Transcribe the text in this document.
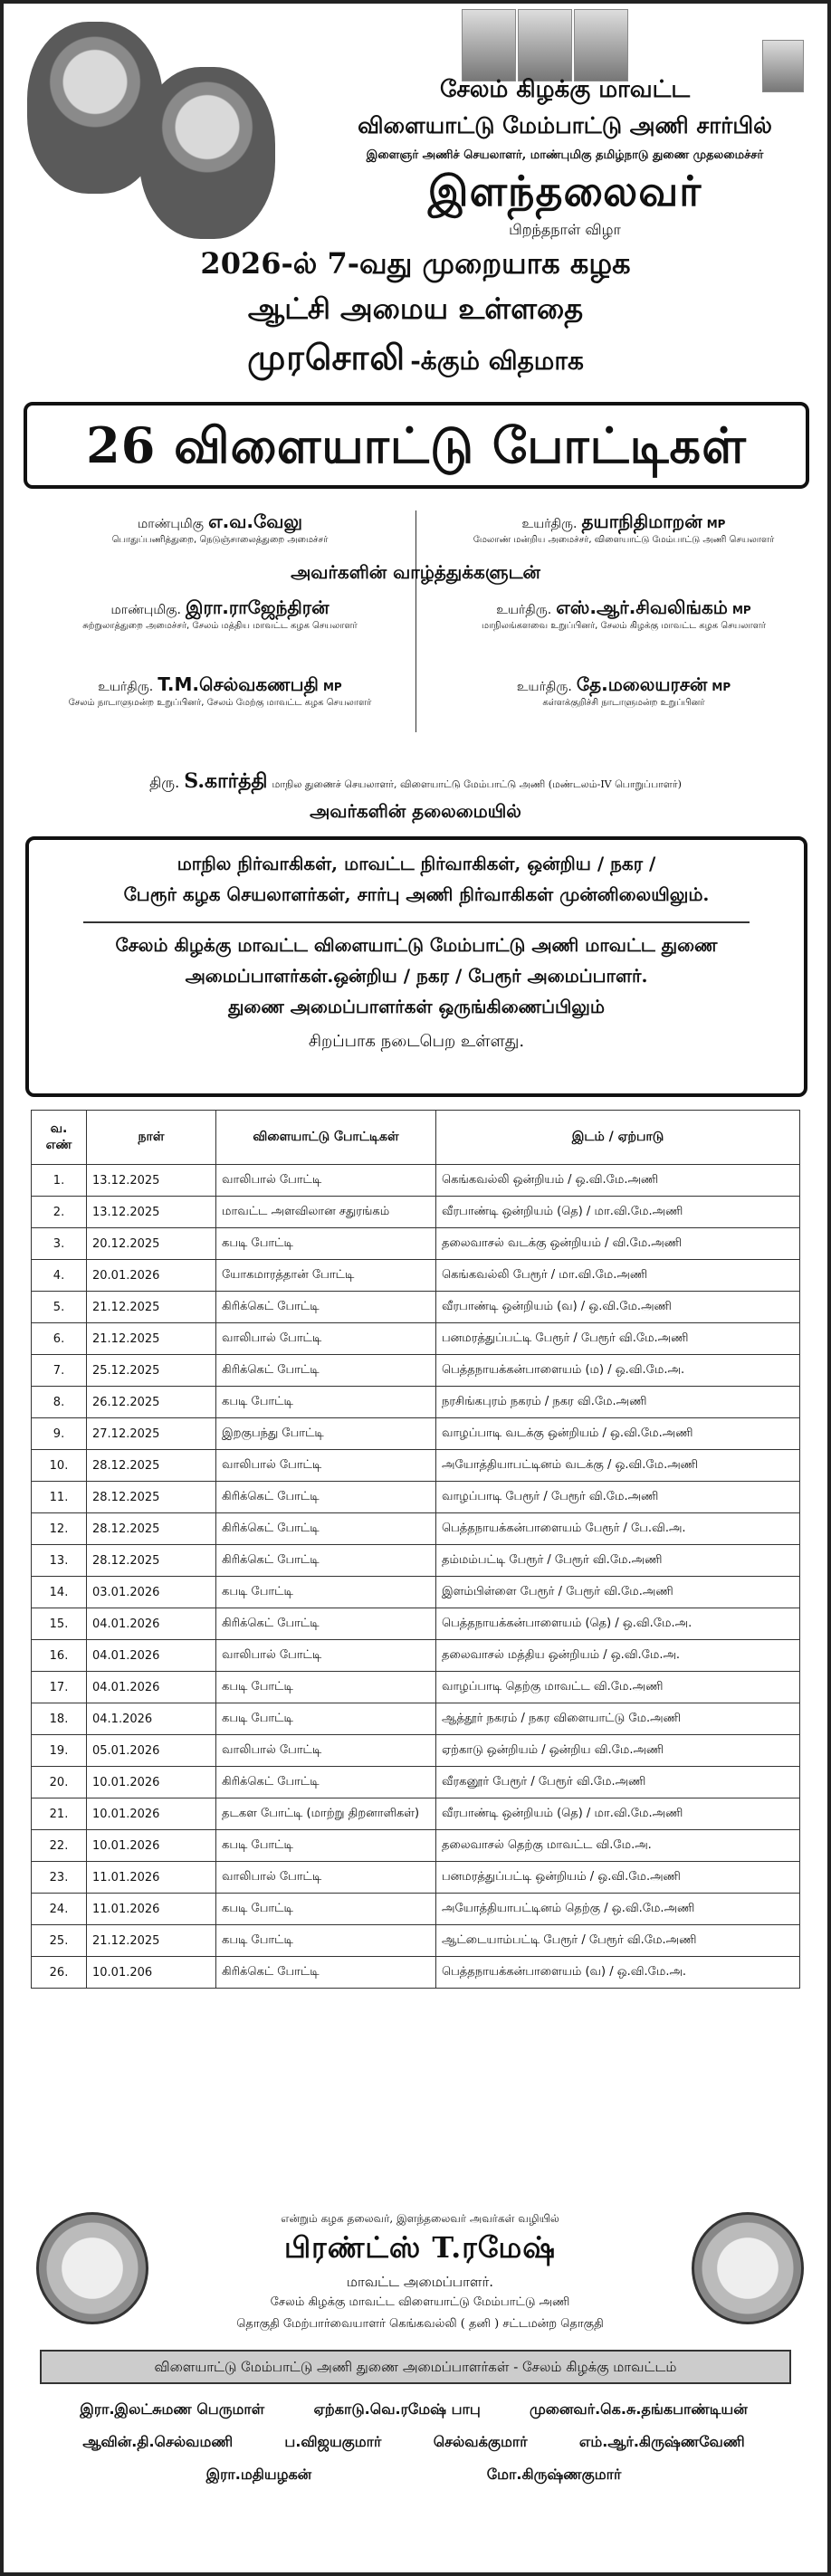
சேலம் கிழக்கு மாவட்ட
விளையாட்டு மேம்பாட்டு அணி சார்பில்
இளைஞர் அணிச் செயலாளர், மாண்புமிகு தமிழ்நாடு துணை முதலமைச்சர்
இளந்தலைவர்
பிறந்தநாள் விழா
2026-ல் 7-வது முறையாக கழக
ஆட்சி அமைய உள்ளதை
முரசொலி -க்கும் விதமாக
26 விளையாட்டு போட்டிகள்
மாண்புமிகு எ.வ.வேலு
பொதுப்பணித்துறை, நெடுஞ்சாலைத்துறை அமைச்சர்
உயர்திரு. தயாநிதிமாறன் MP
மேலாண் மன்றிய அமைச்சர், விளையாட்டு மேம்பாட்டு அணி செயலாளர்
மாண்புமிகு. இரா.ராஜேந்திரன்
சுற்றுலாத்துறை அமைச்சர், சேலம் மத்திய மாவட்ட கழக செயலாளர்
உயர்திரு. எஸ்.ஆர்.சிவலிங்கம் MP
மாநிலங்களவை உறுப்பினர், சேலம் கிழக்கு மாவட்ட கழக செயலாளர்
உயர்திரு. T.M.செல்வகணபதி MP
சேலம் நாடாளுமன்ற உறுப்பினர், சேலம் மேற்கு மாவட்ட கழக செயலாளர்
உயர்திரு. தே.மலையரசன் MP
கள்ளக்குறிச்சி நாடாளுமன்ற உறுப்பினர்
அவர்களின் வாழ்த்துக்களுடன்
திரு. S.கார்த்தி மாநில துணைச் செயலாளர், விளையாட்டு மேம்பாட்டு அணி (மண்டலம்-IV பொறுப்பாளர்)
அவர்களின் தலைமையில்
மாநில நிர்வாகிகள், மாவட்ட நிர்வாகிகள், ஒன்றிய / நகர /
பேரூர் கழக செயலாளர்கள், சார்பு அணி நிர்வாகிகள் முன்னிலையிலும்.
சேலம் கிழக்கு மாவட்ட விளையாட்டு மேம்பாட்டு அணி மாவட்ட துணை
அமைப்பாளர்கள்.ஒன்றிய / நகர / பேரூர் அமைப்பாளர்.
துணை அமைப்பாளர்கள் ஒருங்கிணைப்பிலும்
சிறப்பாக நடைபெற உள்ளது.
வ. எண்	நாள்	விளையாட்டு போட்டிகள்	இடம் / ஏற்பாடு
1.	13.12.2025	வாலிபால் போட்டி	கெங்கவல்லி ஒன்றியம் / ஒ.வி.மே.அணி
2.	13.12.2025	மாவட்ட அளவிலான சதுரங்கம்	வீரபாண்டி ஒன்றியம் (தெ) / மா.வி.மே.அணி
3.	20.12.2025	கபடி போட்டி	தலைவாசல் வடக்கு ஒன்றியம் / வி.மே.அணி
4.	20.01.2026	யோகமாரத்தான் போட்டி	கெங்கவல்லி பேரூர் / மா.வி.மே.அணி
5.	21.12.2025	கிரிக்கெட் போட்டி	வீரபாண்டி ஒன்றியம் (வ) / ஒ.வி.மே.அணி
6.	21.12.2025	வாலிபால் போட்டி	பனமரத்துப்பட்டி பேரூர் / பேரூர் வி.மே.அணி
7.	25.12.2025	கிரிக்கெட் போட்டி	பெத்தநாயக்கன்பாளையம் (ம) / ஒ.வி.மே.அ.
8.	26.12.2025	கபடி போட்டி	நரசிங்கபுரம் நகரம் / நகர வி.மே.அணி
9.	27.12.2025	இறகுபந்து போட்டி	வாழப்பாடி வடக்கு ஒன்றியம் / ஒ.வி.மே.அணி
10.	28.12.2025	வாலிபால் போட்டி	அயோத்தியாபட்டினம் வடக்கு / ஒ.வி.மே.அணி
11.	28.12.2025	கிரிக்கெட் போட்டி	வாழப்பாடி பேரூர் / பேரூர் வி.மே.அணி
12.	28.12.2025	கிரிக்கெட் போட்டி	பெத்தநாயக்கன்பாளையம் பேரூர் / பே.வி.அ.
13.	28.12.2025	கிரிக்கெட் போட்டி	தம்மம்பட்டி பேரூர் / பேரூர் வி.மே.அணி
14.	03.01.2026	கபடி போட்டி	இளம்பிள்ளை பேரூர் / பேரூர் வி.மே.அணி
15.	04.01.2026	கிரிக்கெட் போட்டி	பெத்தநாயக்கன்பாளையம் (தெ) / ஒ.வி.மே.அ.
16.	04.01.2026	வாலிபால் போட்டி	தலைவாசல் மத்திய ஒன்றியம் / ஒ.வி.மே.அ.
17.	04.01.2026	கபடி போட்டி	வாழப்பாடி தெற்கு மாவட்ட வி.மே.அணி
18.	04.1.2026	கபடி போட்டி	ஆத்தூர் நகரம் / நகர விளையாட்டு மே.அணி
19.	05.01.2026	வாலிபால் போட்டி	ஏற்காடு ஒன்றியம் / ஒன்றிய வி.மே.அணி
20.	10.01.2026	கிரிக்கெட் போட்டி	வீரகனூர் பேரூர் / பேரூர் வி.மே.அணி
21.	10.01.2026	தடகள போட்டி (மாற்று திறனாளிகள்)	வீரபாண்டி ஒன்றியம் (தெ) / மா.வி.மே.அணி
22.	10.01.2026	கபடி போட்டி	தலைவாசல் தெற்கு மாவட்ட வி.மே.அ.
23.	11.01.2026	வாலிபால் போட்டி	பனமரத்துப்பட்டி ஒன்றியம் / ஒ.வி.மே.அணி
24.	11.01.2026	கபடி போட்டி	அயோத்தியாபட்டினம் தெற்கு / ஒ.வி.மே.அணி
25.	21.12.2025	கபடி போட்டி	ஆட்டையாம்பட்டி பேரூர் / பேரூர் வி.மே.அணி
26.	10.01.206	கிரிக்கெட் போட்டி	பெத்தநாயக்கன்பாளையம் (வ) / ஒ.வி.மே.அ.
என்றும் கழக தலைவர், இளந்தலைவர் அவர்கள் வழியில்
பிரண்ட்ஸ் T.ரமேஷ்
மாவட்ட அமைப்பாளர்.
சேலம் கிழக்கு மாவட்ட விளையாட்டு மேம்பாட்டு அணி
தொகுதி மேற்பார்வையாளர் கெங்கவல்லி ( தனி ) சட்டமன்ற தொகுதி
விளையாட்டு மேம்பாட்டு அணி துணை அமைப்பாளர்கள் - சேலம் கிழக்கு மாவட்டம்
இரா.இலட்சுமண பெருமாள்	ஏற்காடு.வெ.ரமேஷ் பாபு	முனைவர்.கெ.சு.தங்கபாண்டியன்
ஆவின்.தி.செல்வமணி	ப.விஜயகுமார்	செல்வக்குமார்	எம்.ஆர்.கிருஷ்ணவேணி
இரா.மதியழகன்	மோ.கிருஷ்ணகுமார்
